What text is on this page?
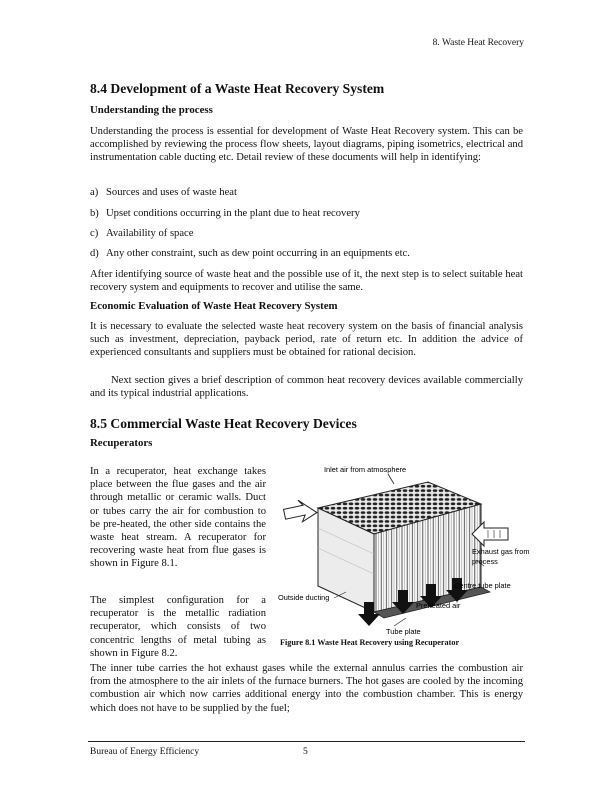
8. Waste Heat Recovery
8.4 Development of a Waste Heat Recovery System
Understanding the process
Understanding the process is essential for development of Waste Heat Recovery system. This can be accomplished by reviewing the process flow sheets, layout diagrams, piping isometrics, electrical and instrumentation cable ducting etc. Detail review of these documents will help in identifying:
a) Sources and uses of waste heat
b) Upset conditions occurring in the plant due to heat recovery
c) Availability of space
d) Any other constraint, such as dew point occurring in an equipments etc.
After identifying source of waste heat and the possible use of it, the next step is to select suitable heat recovery system and equipments to recover and utilise the same.
Economic Evaluation of Waste Heat Recovery System
It is necessary to evaluate the selected waste heat recovery system on the basis of financial analysis such as investment, depreciation, payback period, rate of return etc. In addition the advice of experienced consultants and suppliers must be obtained for rational decision.
Next section gives a brief description of common heat recovery devices available commercially and its typical industrial applications.
8.5 Commercial Waste Heat Recovery Devices
Recuperators
In a recuperator, heat exchange takes place between the flue gases and the air through metallic or ceramic walls. Duct or tubes carry the air for combustion to be pre-heated, the other side contains the waste heat stream. A recuperator for recovering waste heat from flue gases is shown in Figure 8.1.
The simplest configuration for a recuperator is the metallic radiation recuperator, which consists of two concentric lengths of metal tubing as shown in Figure 8.2.
The inner tube carries the hot exhaust gases while the external annulus carries the combustion air from the atmosphere to the air inlets of the furnace burners. The hot gases are cooled by the incoming combustion air which now carries additional energy into the combustion chamber. This is energy which does not have to be supplied by the fuel;
Inlet air from atmosphere
Exhaust gas from
process
Centre tube plate
Outside ducting
Preheated air
Tube plate
Figure 8.1 Waste Heat Recovery using Recuperator
Bureau of Energy Efficiency	5
